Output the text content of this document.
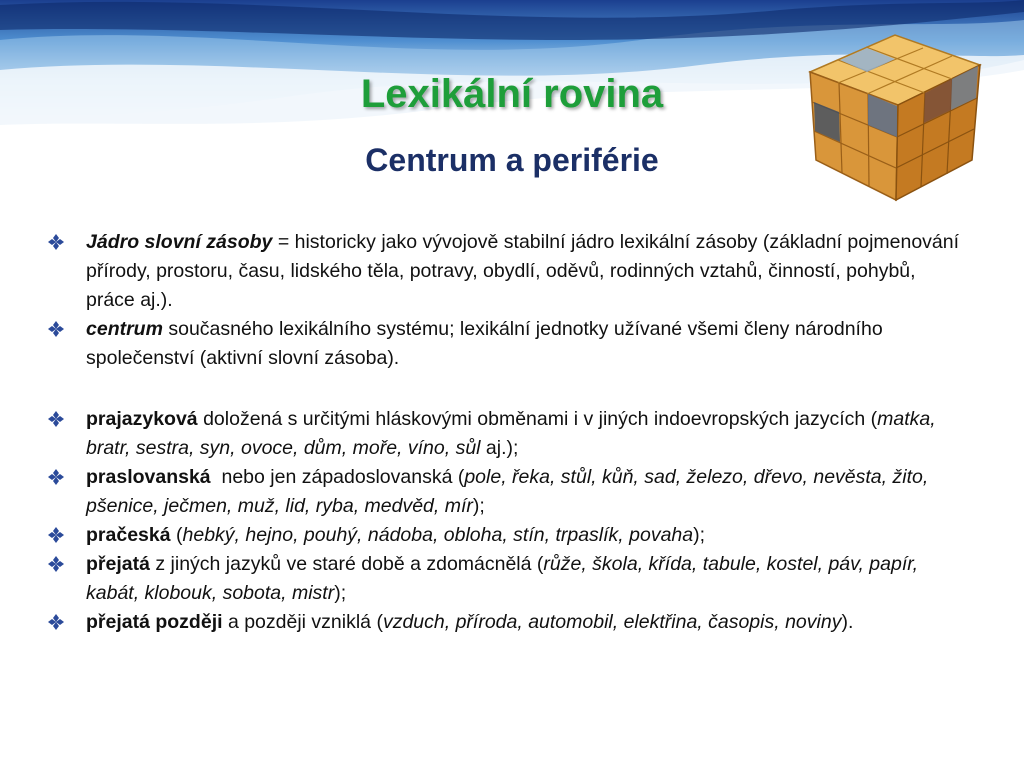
Lexikální rovina
Centrum a periférie
Jádro slovní zásoby = historicky jako vývojově stabilní jádro lexikální zásoby (základní pojmenování přírody, prostoru, času, lidského těla, potravy, obydlí, oděvů, rodinných vztahů, činností, pohybů, práce aj.).
centrum současného lexikálního systému; lexikální jednotky užívané všemi členy národního společenství (aktivní slovní zásoba).
prajazyková doložená s určitými hláskovými obměnami i v jiných indoevropských jazycích (matka, bratr, sestra, syn, ovoce, dům, moře, víno, sůl aj.);
praslovanská  nebo jen západoslovanská (pole, řeka, stůl, kůň, sad, železo, dřevo, nevěsta, žito, pšenice, ječmen, muž, lid, ryba, medvěd, mír);
pračeská (hebký, hejno, pouhý, nádoba, obloha, stín, trpaslík, povaha);
přejatá z jiných jazyků ve staré době a zdomácnělá (růže, škola, křída, tabule, kostel, páv, papír, kabát, klobouk, sobota, mistr);
přejatá později a později vzniklá (vzduch, příroda, automobil, elektřina, časopis, noviny).
